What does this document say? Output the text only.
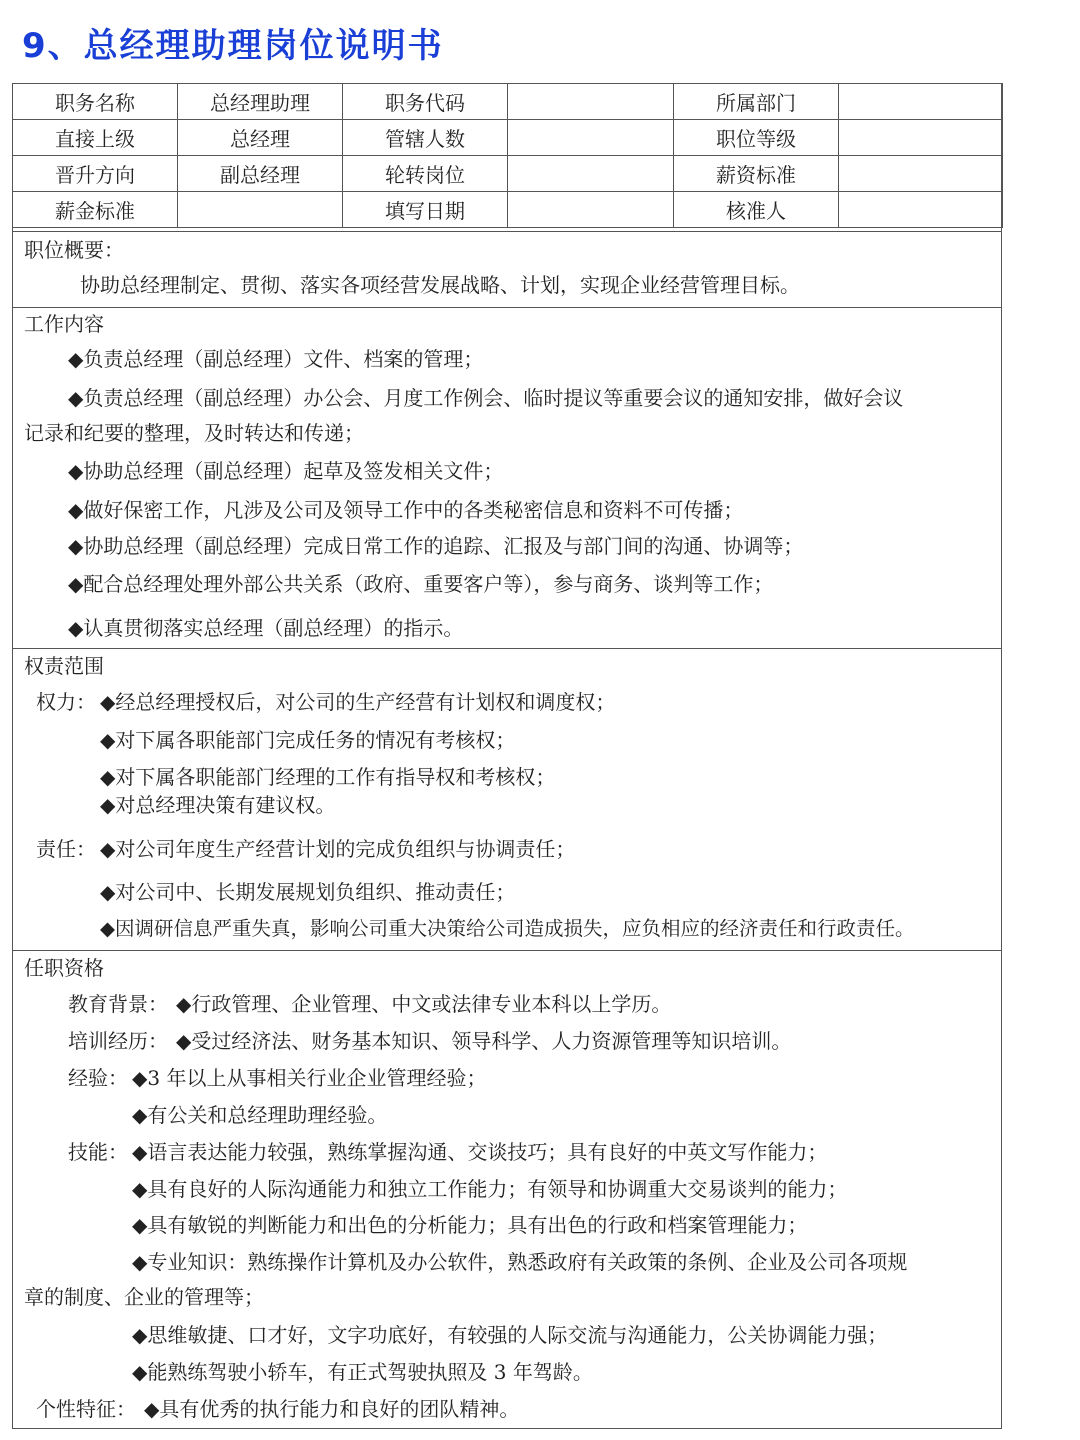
9、总经理助理岗位说明书
职务名称	总经理助理	职务代码		所属部门	
直接上级	总经理	管辖人数		职位等级	
晋升方向	副总经理	轮转岗位		薪资标准	
薪金标准		填写日期		核准人	
职位概要：
协助总经理制定、贯彻、落实各项经营发展战略、计划，实现企业经营管理目标。
工作内容
◆负责总经理（副总经理）文件、档案的管理；
◆负责总经理（副总经理）办公会、月度工作例会、临时提议等重要会议的通知安排，做好会议
记录和纪要的整理，及时转达和传递；
◆协助总经理（副总经理）起草及签发相关文件；
◆做好保密工作，凡涉及公司及领导工作中的各类秘密信息和资料不可传播；
◆协助总经理（副总经理）完成日常工作的追踪、汇报及与部门间的沟通、协调等；
◆配合总经理处理外部公共关系（政府、重要客户等），参与商务、谈判等工作；
◆认真贯彻落实总经理（副总经理）的指示。
权责范围
权力： ◆经总经理授权后，对公司的生产经营有计划权和调度权；
◆对下属各职能部门完成任务的情况有考核权；
◆对下属各职能部门经理的工作有指导权和考核权；
◆对总经理决策有建议权。
责任： ◆对公司年度生产经营计划的完成负组织与协调责任；
◆对公司中、长期发展规划负组织、推动责任；
◆因调研信息严重失真，影响公司重大决策给公司造成损失，应负相应的经济责任和行政责任。
任职资格
教育背景： ◆行政管理、企业管理、中文或法律专业本科以上学历。
培训经历： ◆受过经济法、财务基本知识、领导科学、人力资源管理等知识培训。
经验： ◆3 年以上从事相关行业企业管理经验；
◆有公关和总经理助理经验。
技能： ◆语言表达能力较强，熟练掌握沟通、交谈技巧；具有良好的中英文写作能力；
◆具有良好的人际沟通能力和独立工作能力；有领导和协调重大交易谈判的能力；
◆具有敏锐的判断能力和出色的分析能力；具有出色的行政和档案管理能力；
◆专业知识：熟练操作计算机及办公软件，熟悉政府有关政策的条例、企业及公司各项规
章的制度、企业的管理等；
◆思维敏捷、口才好，文字功底好，有较强的人际交流与沟通能力，公关协调能力强；
◆能熟练驾驶小轿车，有正式驾驶执照及 3 年驾龄。
个性特征： ◆具有优秀的执行能力和良好的团队精神。
